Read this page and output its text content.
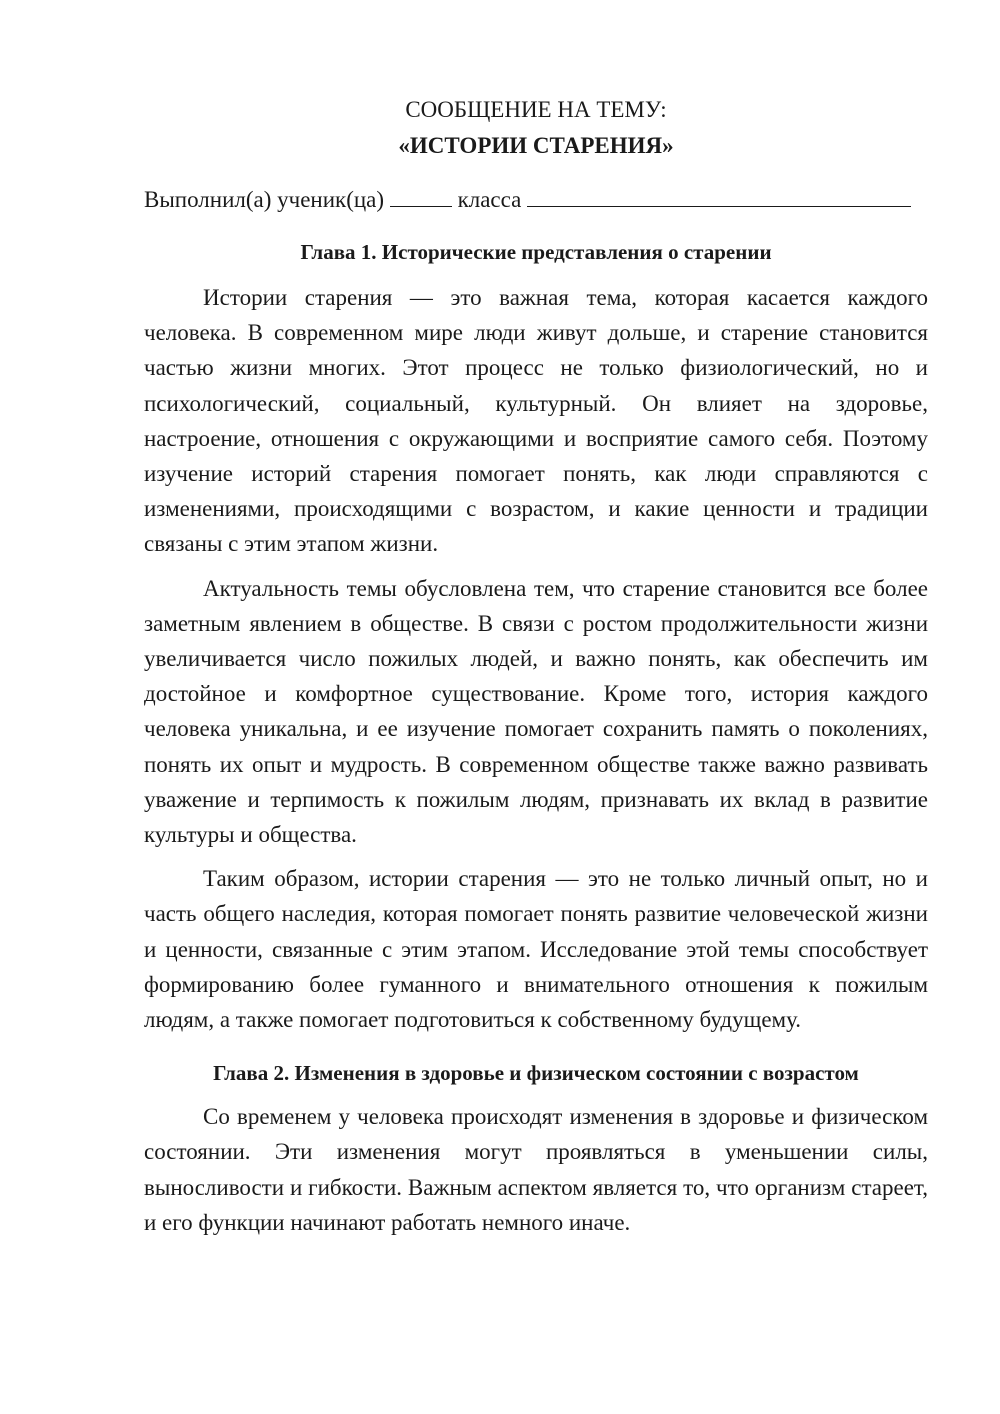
СООБЩЕНИЕ НА ТЕМУ:
«ИСТОРИИ СТАРЕНИЯ»

Выполнил(а) ученик(ца)	класса

Глава 1. Исторические представления о старении

Истории старения — это важная тема, которая касается каждого человека. В современном мире люди живут дольше, и старение становится частью жизни многих. Этот процесс не только физиологический, но и психологический, социальный, культурный. Он влияет на здоровье, настроение, отношения с окружающими и восприятие самого себя. Поэтому изучение историй старения помогает понять, как люди справляются с изменениями, происходящими с возрастом, и какие ценности и традиции связаны с этим этапом жизни.

Актуальность темы обусловлена тем, что старение становится все более заметным явлением в обществе. В связи с ростом продолжительности жизни увеличивается число пожилых людей, и важно понять, как обеспечить им достойное и комфортное существование. Кроме того, история каждого человека уникальна, и ее изучение помогает сохранить память о поколениях, понять их опыт и мудрость. В современном обществе также важно развивать уважение и терпимость к пожилым людям, признавать их вклад в развитие культуры и общества.

Таким образом, истории старения — это не только личный опыт, но и часть общего наследия, которая помогает понять развитие человеческой жизни и ценности, связанные с этим этапом. Исследование этой темы способствует формированию более гуманного и внимательного отношения к пожилым людям, а также помогает подготовиться к собственному будущему.

Глава 2. Изменения в здоровье и физическом состоянии с возрастом

Со временем у человека происходят изменения в здоровье и физическом состоянии. Эти изменения могут проявляться в уменьшении силы, выносливости и гибкости. Важным аспектом является то, что организм стареет, и его функции начинают работать немного иначе.
